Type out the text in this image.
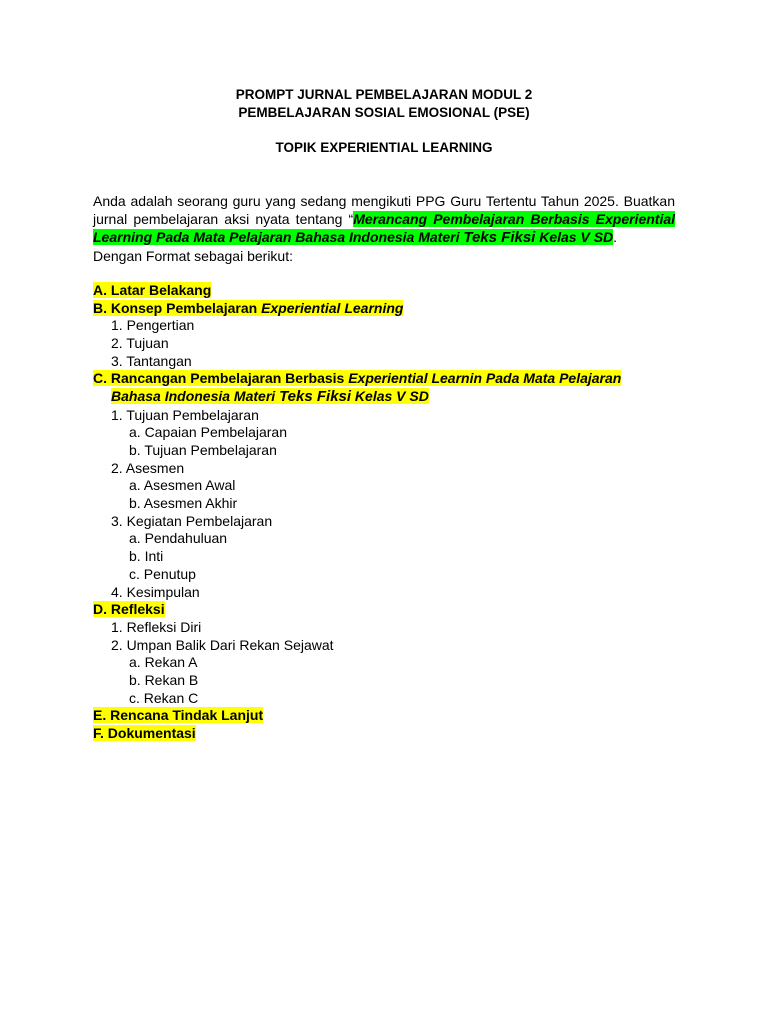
PROMPT JURNAL PEMBELAJARAN MODUL 2
PEMBELAJARAN SOSIAL EMOSIONAL (PSE)
TOPIK EXPERIENTIAL LEARNING
Anda adalah seorang guru yang sedang mengikuti PPG Guru Tertentu Tahun 2025. Buatkan
jurnal pembelajaran aksi nyata tentang “Merancang Pembelajaran Berbasis Experiential
Learning Pada Mata Pelajaran Bahasa Indonesia Materi Teks Fiksi Kelas V SD.
Dengan Format sebagai berikut:
A. Latar Belakang
B. Konsep Pembelajaran Experiential Learning
1. Pengertian
2. Tujuan
3. Tantangan
C. Rancangan Pembelajaran Berbasis Experiential Learnin Pada Mata Pelajaran
Bahasa Indonesia Materi Teks Fiksi Kelas V SD
1. Tujuan Pembelajaran
a. Capaian Pembelajaran
b. Tujuan Pembelajaran
2. Asesmen
a. Asesmen Awal
b. Asesmen Akhir
3. Kegiatan Pembelajaran
a. Pendahuluan
b. Inti
c. Penutup
4. Kesimpulan
D. Refleksi
1. Refleksi Diri
2. Umpan Balik Dari Rekan Sejawat
a. Rekan A
b. Rekan B
c. Rekan C
E. Rencana Tindak Lanjut
F. Dokumentasi
